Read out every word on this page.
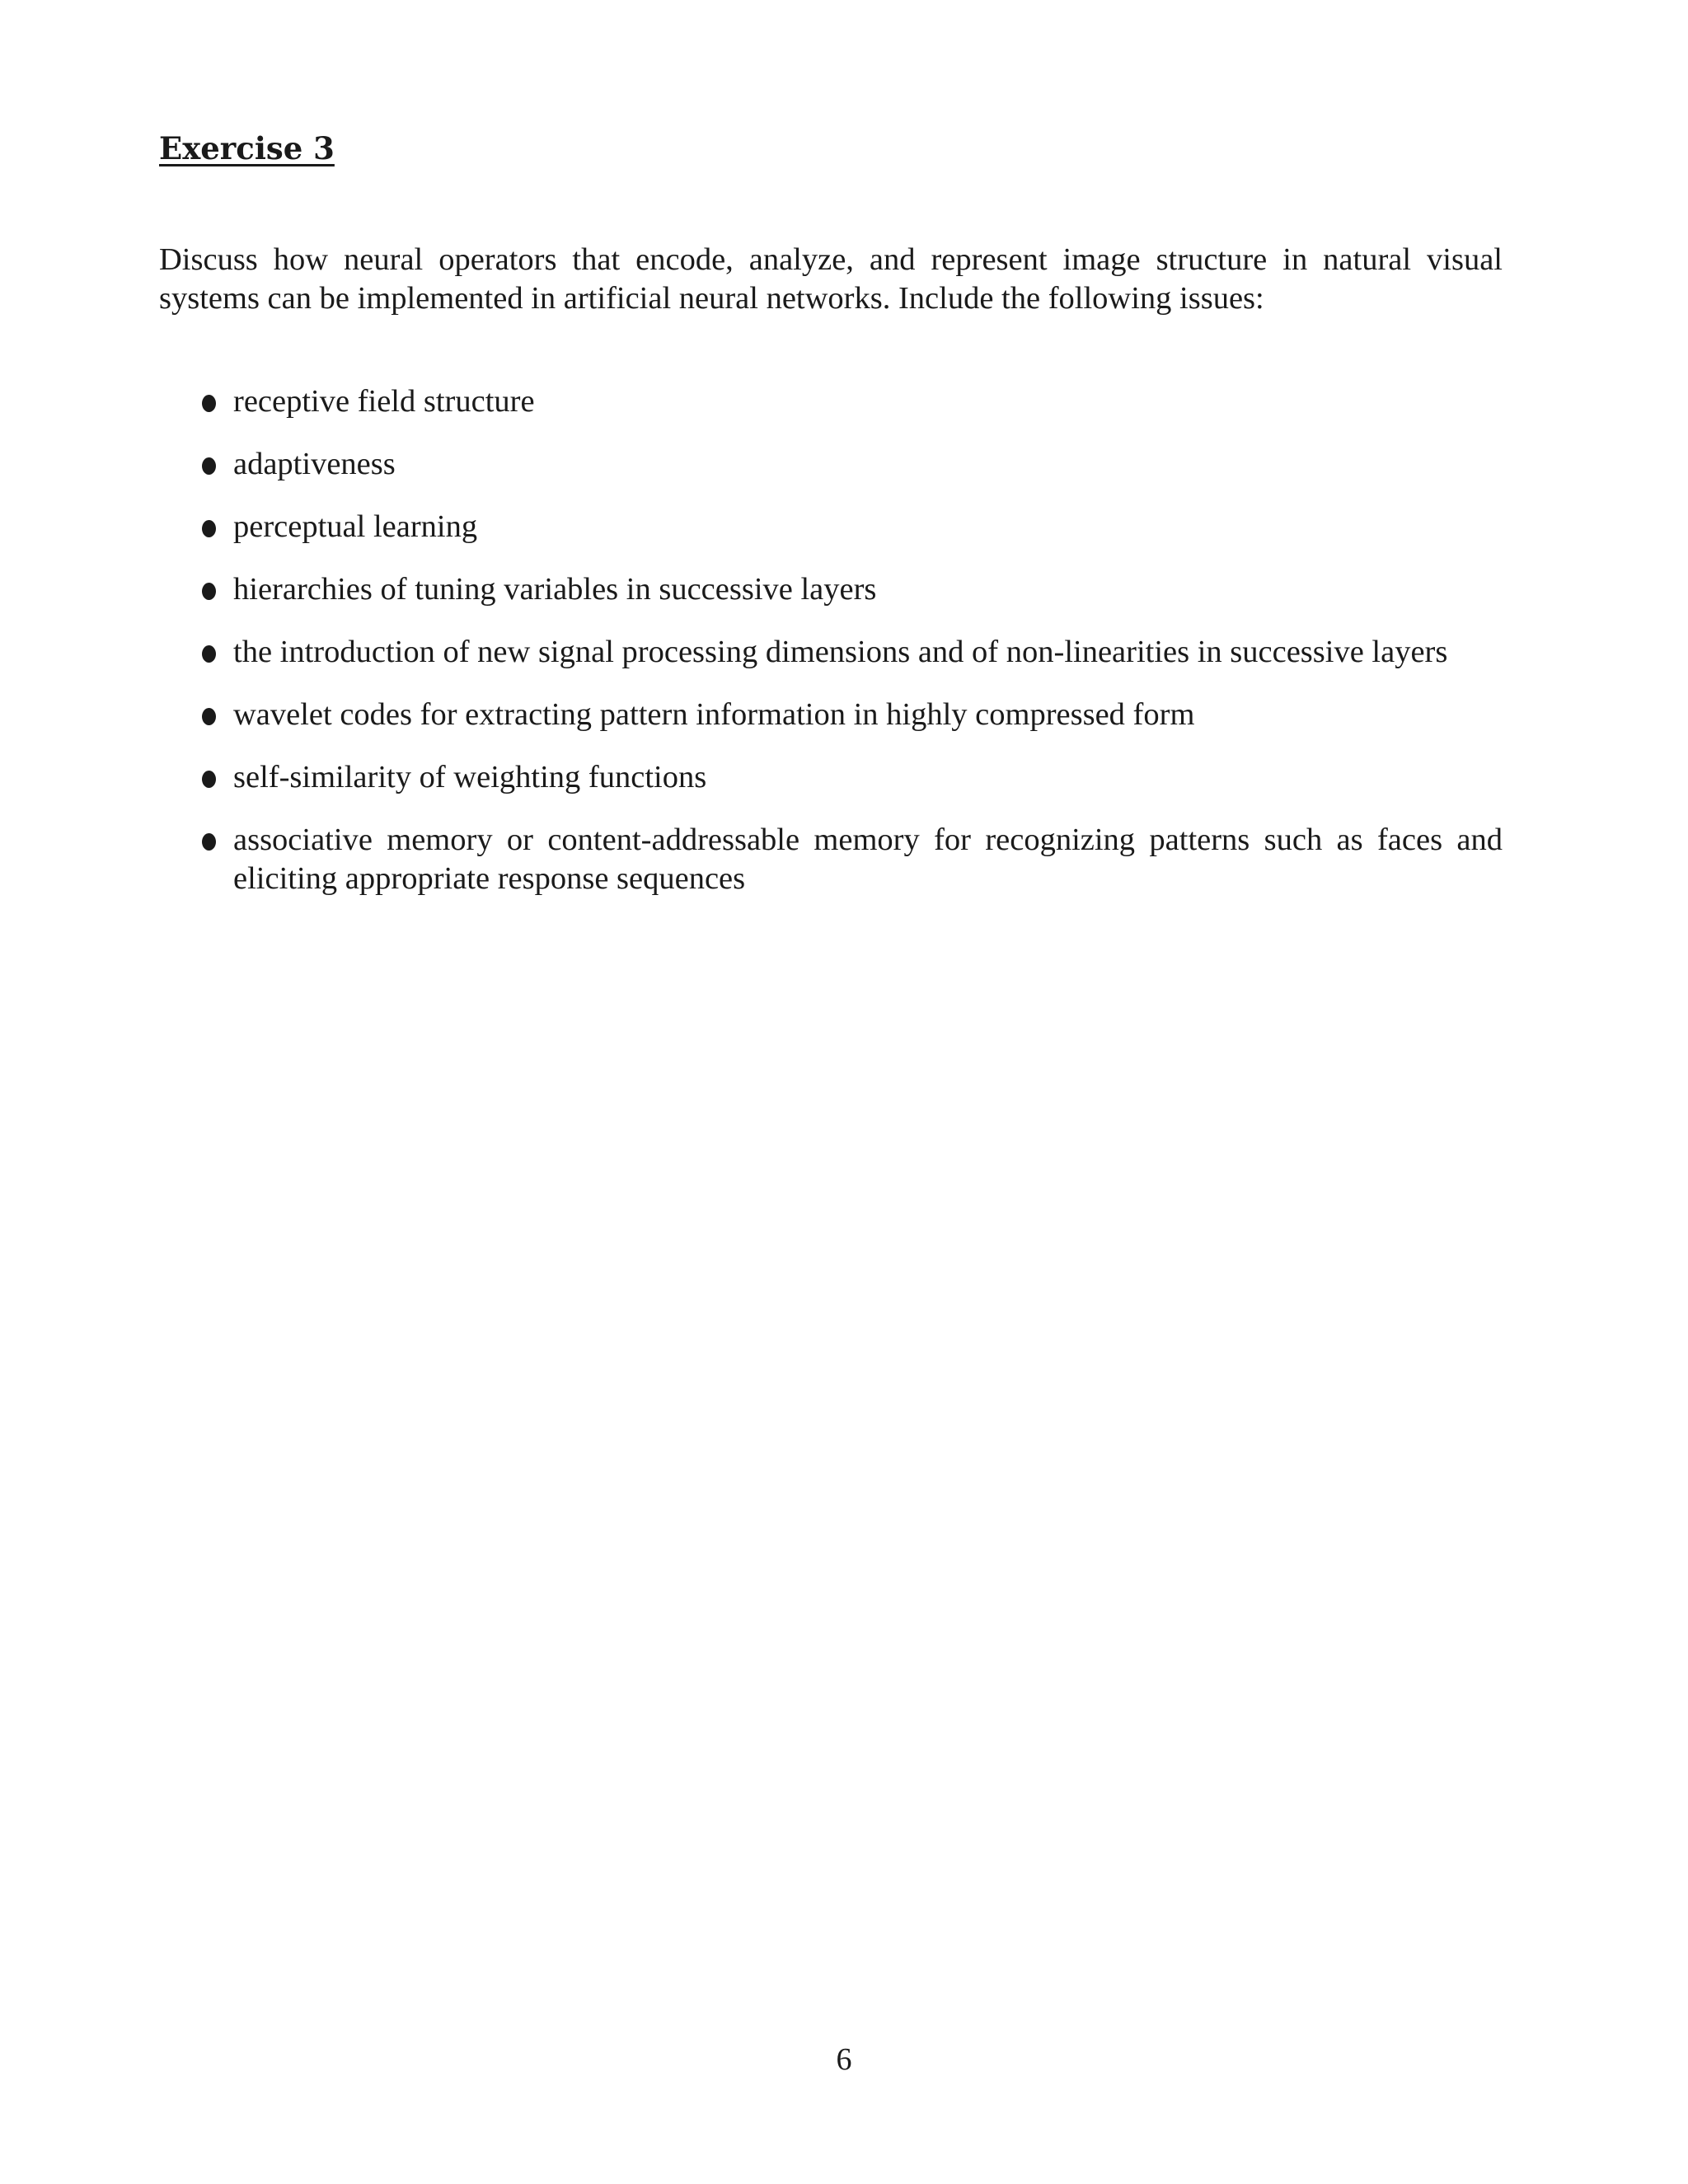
Exercise 3

Discuss how neural operators that encode, analyze, and represent image structure in natural visual systems can be implemented in artificial neural networks. Include the following issues:

receptive field structure
adaptiveness
perceptual learning
hierarchies of tuning variables in successive layers
the introduction of new signal processing dimensions and of non-linearities in successive layers
wavelet codes for extracting pattern information in highly compressed form
self-similarity of weighting functions
associative memory or content-addressable memory for recognizing patterns such as faces and eliciting appropriate response sequences
6
